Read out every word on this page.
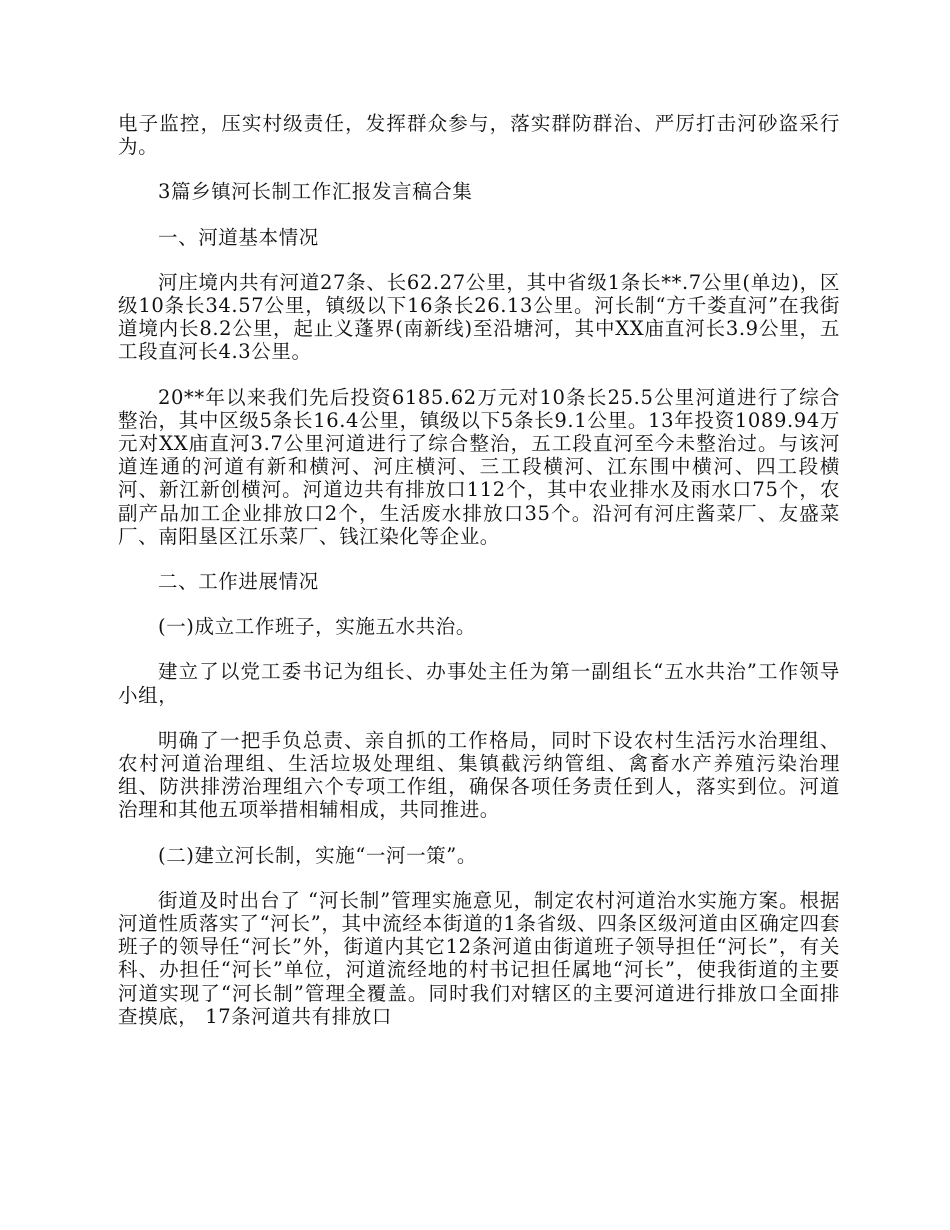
电子监控，压实村级责任，发挥群众参与，落实群防群治、严厉打击河砂盗采行为。

3篇乡镇河长制工作汇报发言稿合集

一、河道基本情况

河庄境内共有河道27条、长62.27公里，其中省级1条长**.7公里(单边)，区级10条长34.57公里，镇级以下16条长26.13公里。河长制“方千娄直河”在我街道境内长8.2公里，起止义蓬界(南新线)至沿塘河，其中XX庙直河长3.9公里，五工段直河长4.3公里。

20**年以来我们先后投资6185.62万元对10条长25.5公里河道进行了综合整治，其中区级5条长16.4公里，镇级以下5条长9.1公里。13年投资1089.94万元对XX庙直河3.7公里河道进行了综合整治，五工段直河至今未整治过。与该河道连通的河道有新和横河、河庄横河、三工段横河、江东围中横河、四工段横河、新江新创横河。河道边共有排放口112个，其中农业排水及雨水口75个，农副产品加工企业排放口2个，生活废水排放口35个。沿河有河庄酱菜厂、友盛菜厂、南阳垦区江乐菜厂、钱江染化等企业。

二、工作进展情况

(一)成立工作班子，实施五水共治。

建立了以党工委书记为组长、办事处主任为第一副组长“五水共治”工作领导小组，

明确了一把手负总责、亲自抓的工作格局，同时下设农村生活污水治理组、农村河道治理组、生活垃圾处理组、集镇截污纳管组、禽畜水产养殖污染治理组、防洪排涝治理组六个专项工作组，确保各项任务责任到人，落实到位。河道治理和其他五项举措相辅相成，共同推进。

(二)建立河长制，实施“一河一策”。

街道及时出台了 “河长制”管理实施意见，制定农村河道治水实施方案。根据河道性质落实了“河长”，其中流经本街道的1条省级、四条区级河道由区确定四套班子的领导任“河长”外，街道内其它12条河道由街道班子领导担任“河长”，有关科、办担任“河长”单位，河道流经地的村书记担任属地“河长”，使我街道的主要河道实现了“河长制”管理全覆盖。同时我们对辖区的主要河道进行排放口全面排查摸底， 17条河道共有排放口
